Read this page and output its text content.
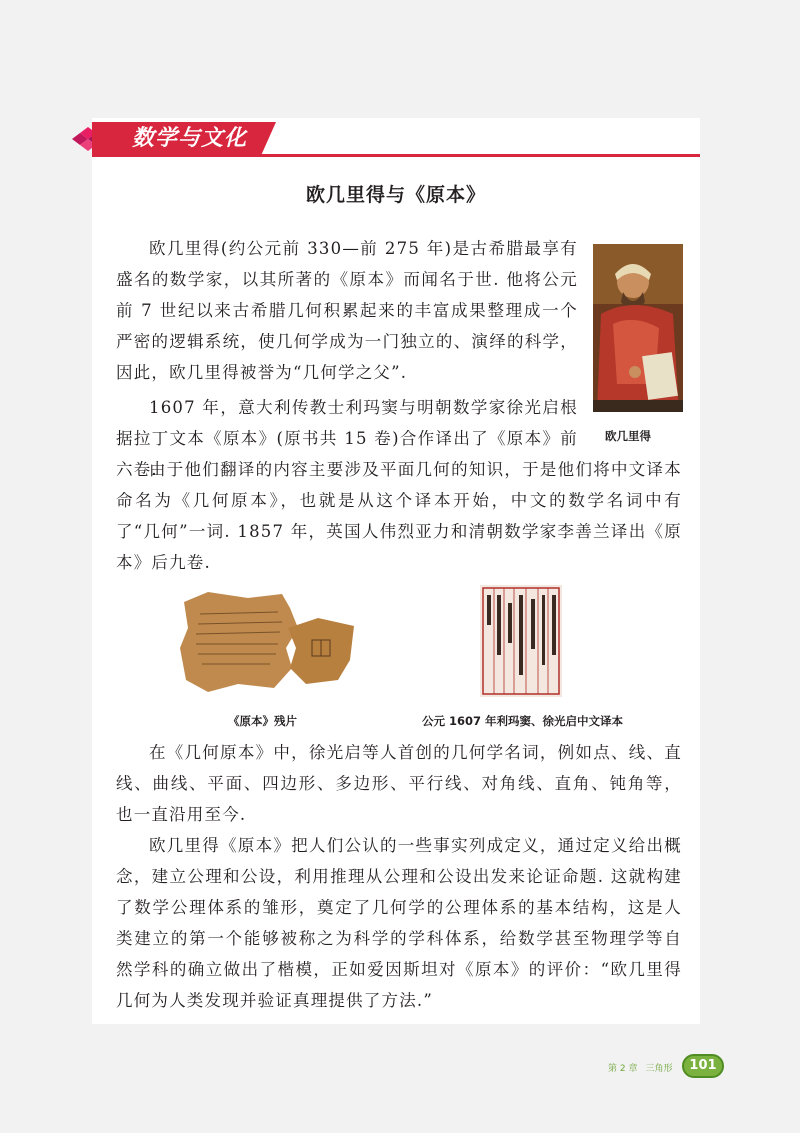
数学与文化
欧几里得与《原本》

欧几里得(约公元前 330—前 275 年)是古希腊最享有盛名的数学家，以其所著的《原本》而闻名于世. 他将公元前 7 世纪以来古希腊几何积累起来的丰富成果整理成一个严密的逻辑系统，使几何学成为一门独立的、演绎的科学，因此，欧几里得被誉为“几何学之父”.

欧几里得

1607 年，意大利传教士利玛窦与明朝数学家徐光启根据拉丁文本《原本》(原书共 15 卷)合作译出了《原本》前六卷.

由于他们翻译的内容主要涉及平面几何的知识，于是他们将中文译本命名为《几何原本》，也就是从这个译本开始，中文的数学名词中有了“几何”一词. 1857 年，英国人伟烈亚力和清朝数学家李善兰译出《原本》后九卷.

《原本》残片	公元 1607 年利玛窦、徐光启中文译本

在《几何原本》中，徐光启等人首创的几何学名词，例如点、线、直线、曲线、平面、四边形、多边形、平行线、对角线、直角、钝角等，也一直沿用至今.

欧几里得《原本》把人们公认的一些事实列成定义，通过定义给出概念，建立公理和公设，利用推理从公理和公设出发来论证命题. 这就构建了数学公理体系的雏形，奠定了几何学的公理体系的基本结构，这是人类建立的第一个能够被称之为科学的学科体系，给数学甚至物理学等自然学科的确立做出了楷模，正如爱因斯坦对《原本》的评价：“欧几里得几何为人类发现并验证真理提供了方法.”

第 2 章 三角形	101
